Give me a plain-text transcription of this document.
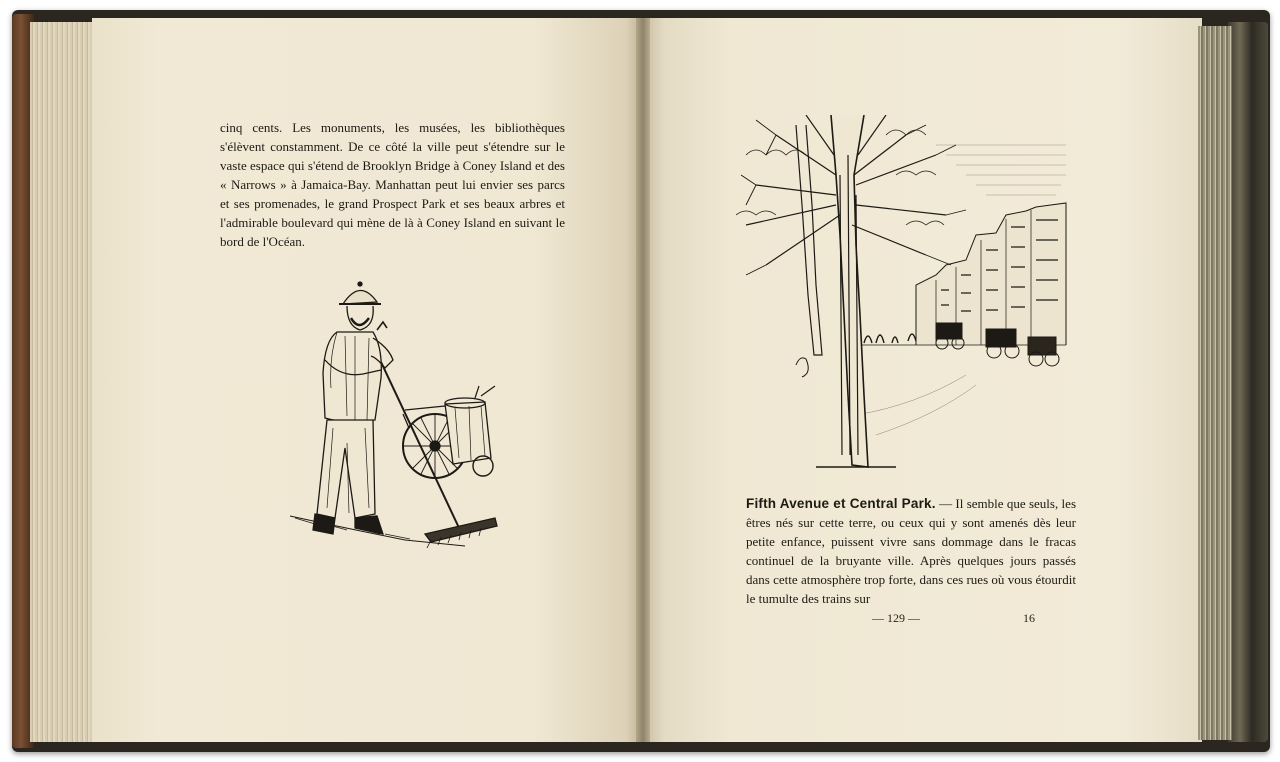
cinq cents. Les monuments, les musées, les bibliothèques s'élèvent constamment. De ce côté la ville peut s'étendre sur le vaste espace qui s'étend de Brooklyn Bridge à Coney Island et des « Narrows » à Jamaica-Bay. Manhattan peut lui envier ses parcs et ses promenades, le grand Prospect Park et ses beaux arbres et l'admirable boulevard qui mène de là à Coney Island en suivant le bord de l'Océan.

Fifth Avenue et Central Park. — Il semble que seuls, les êtres nés sur cette terre, ou ceux qui y sont amenés dès leur petite enfance, puissent vivre sans dommage dans le fracas continuel de la bruyante ville. Après quelques jours passés dans cette atmosphère trop forte, dans ces rues où vous étourdit le tumulte des trains sur

— 129 —	16
